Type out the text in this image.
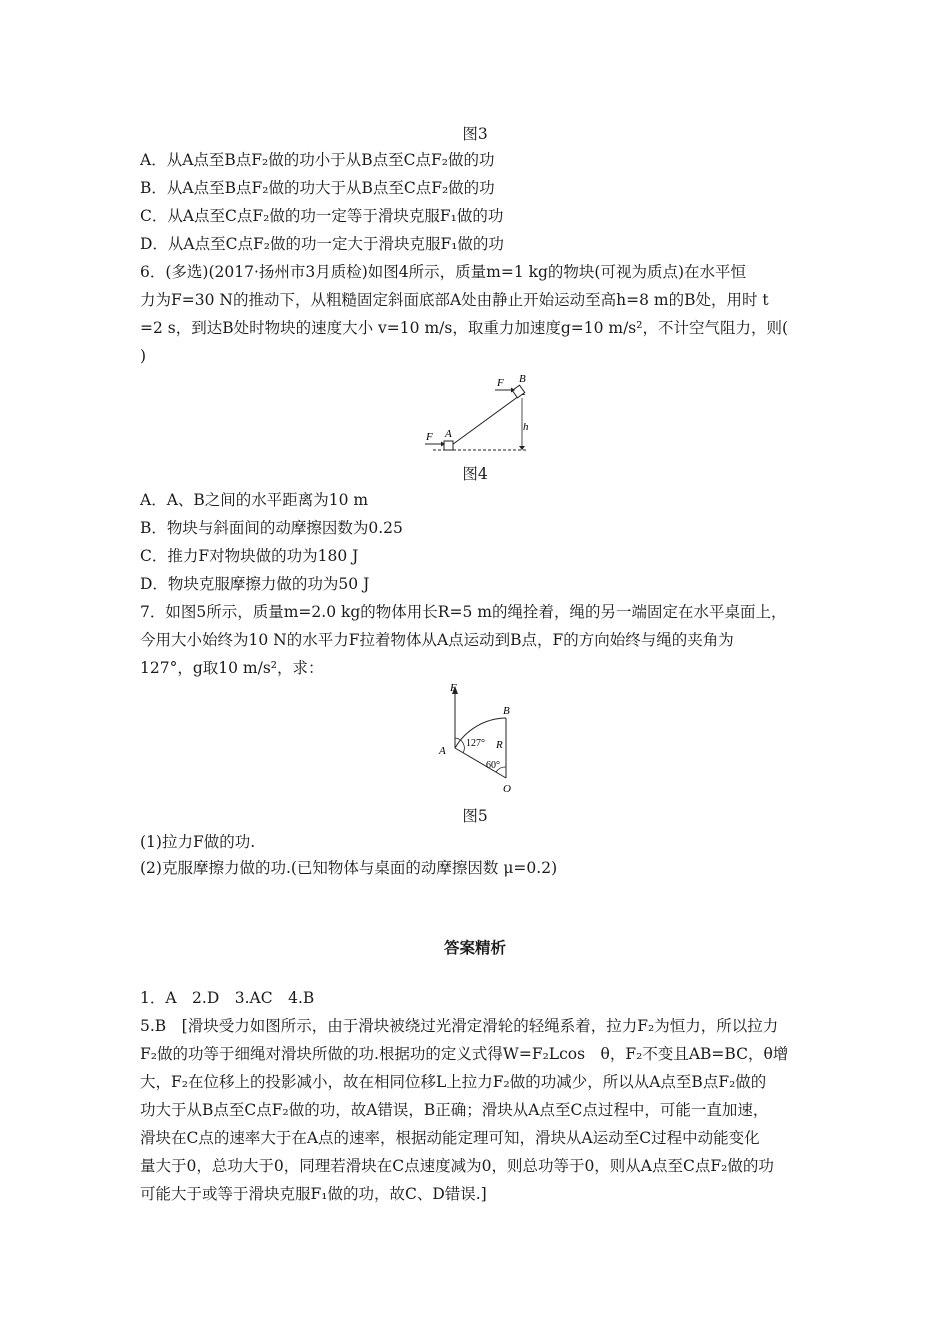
图3
A．从A点至B点F₂做的功小于从B点至C点F₂做的功
B．从A点至B点F₂做的功大于从B点至C点F₂做的功
C．从A点至C点F₂做的功一定等于滑块克服F₁做的功
D．从A点至C点F₂做的功一定大于滑块克服F₁做的功
6．(多选)(2017·扬州市3月质检)如图4所示，质量m=1 kg的物块(可视为质点)在水平恒
力为F=30 N的推动下，从粗糙固定斜面底部A处由静止开始运动至高h=8 m的B处，用时 t
=2 s，到达B处时物块的速度大小 v=10 m/s，取重力加速度g=10 m/s²，不计空气阻力，则(
)
F
F A
B
h
图4
A．A、B之间的水平距离为10 m
B．物块与斜面间的动摩擦因数为0.25
C．推力F对物块做的功为180 J
D．物块克服摩擦力做的功为50 J
7．如图5所示，质量m=2.0 kg的物体用长R=5 m的绳拴着，绳的另一端固定在水平桌面上，
今用大小始终为10 N的水平力F拉着物体从A点运动到B点，F的方向始终与绳的夹角为
127°，g取10 m/s²，求：
F
A
B
O
R
127°
60°
图5
(1)拉力F做的功.
(2)克服摩擦力做的功.(已知物体与桌面的动摩擦因数 μ=0.2)
答案精析
1．A　2.D　3.AC　4.B
5.B　[滑块受力如图所示，由于滑块被绕过光滑定滑轮的轻绳系着，拉力F₂为恒力，所以拉力
F₂做的功等于细绳对滑块所做的功.根据功的定义式得W=F₂Lcos　θ，F₂不变且AB=BC，θ增
大，F₂在位移上的投影减小，故在相同位移L上拉力F₂做的功减少，所以从A点至B点F₂做的
功大于从B点至C点F₂做的功，故A错误，B正确；滑块从A点至C点过程中，可能一直加速，
滑块在C点的速率大于在A点的速率，根据动能定理可知，滑块从A运动至C过程中动能变化
量大于0，总功大于0，同理若滑块在C点速度减为0，则总功等于0，则从A点至C点F₂做的功
可能大于或等于滑块克服F₁做的功，故C、D错误.]
